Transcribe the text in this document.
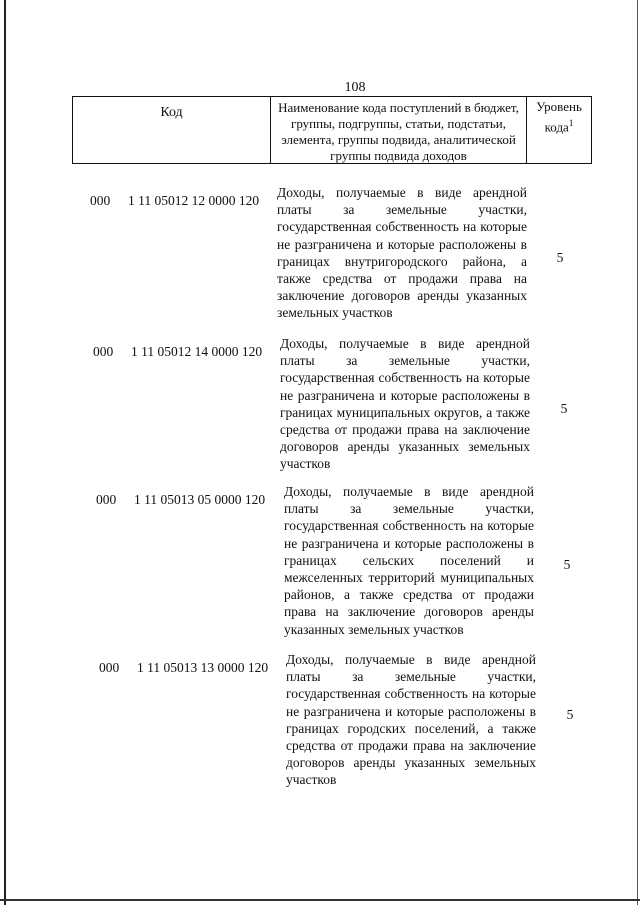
108
Код	Наименование кода поступлений в бюджет, группы, подгруппы, статьи, подстатьи, элемента, группы подвида, аналитической группы подвида доходов
Уровень кода$^1$
000 1 11 05012 12 0000 120
Доходы, получаемые в виде арендной платы за земельные участки, государственная собственность на которые не разграничена и которые расположены в границах внутригородского района, а также средства от продажи права на заключение договоров аренды указанных земельных участков
5
000 1 11 05012 14 0000 120
Доходы, получаемые в виде арендной платы за земельные участки, государственная собственность на которые не разграничена и которые расположены в границах муниципальных округов, а также средства от продажи права на заключение договоров аренды указанных земельных участков
5
000 1 11 05013 05 0000 120
Доходы, получаемые в виде арендной платы за земельные участки, государственная собственность на которые не разграничена и которые расположены в границах сельских поселений и межселенных территорий муниципальных районов, а также средства от продажи права на заключение договоров аренды указанных земельных участков
5
000 1 11 05013 13 0000 120
Доходы, получаемые в виде арендной платы за земельные участки, государственная собственность на которые не разграничена и которые расположены в границах городских поселений, а также средства от продажи права на заключение договоров аренды указанных земельных участков
5
